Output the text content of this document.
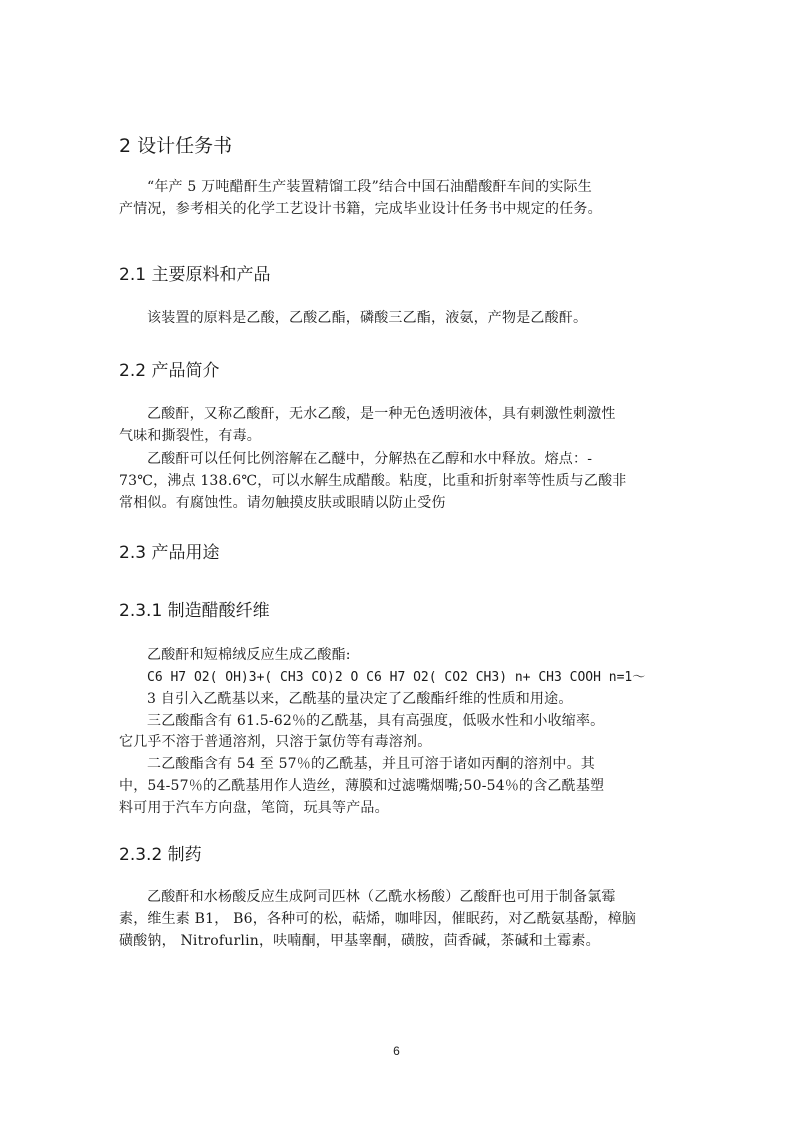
2 设计任务书

“年产 5 万吨醋酐生产装置精馏工段”结合中国石油醋酸酐车间的实际生

产情况，参考相关的化学工艺设计书籍，完成毕业设计任务书中规定的任务。

2.1 主要原料和产品

该装置的原料是乙酸，乙酸乙酯，磷酸三乙酯，液氨，产物是乙酸酐。

2.2 产品简介

乙酸酐，又称乙酸酐，无水乙酸，是一种无色透明液体，具有刺激性刺激性

气味和撕裂性，有毒。

乙酸酐可以任何比例溶解在乙醚中，分解热在乙醇和水中释放。熔点：-

73℃，沸点 138.6℃，可以水解生成醋酸。粘度，比重和折射率等性质与乙酸非

常相似。有腐蚀性。请勿触摸皮肤或眼睛以防止受伤

2.3 产品用途
2.3.1 制造醋酸纤维

乙酸酐和短棉绒反应生成乙酸酯:

C6 H7 O2( OH)3+( CH3 CO)2 O C6 H7 O2( CO2 CH3) n+ CH3 COOH n=1～

3 自引入乙酰基以来，乙酰基的量决定了乙酸酯纤维的性质和用途。

三乙酸酯含有 61.5-62％的乙酰基，具有高强度，低吸水性和小收缩率。

它几乎不溶于普通溶剂，只溶于氯仿等有毒溶剂。

二乙酸酯含有 54 至 57％的乙酰基，并且可溶于诸如丙酮的溶剂中。其

中，54-57％的乙酰基用作人造丝，薄膜和过滤嘴烟嘴;50-54％的含乙酰基塑

料可用于汽车方向盘，笔筒，玩具等产品。

2.3.2 制药

乙酸酐和水杨酸反应生成阿司匹林（乙酰水杨酸）乙酸酐也可用于制备氯霉

素，维生素 B1， B6，各种可的松，萜烯，咖啡因，催眠药，对乙酰氨基酚，樟脑

磺酸钠， Nitrofurlin，呋喃酮，甲基睾酮，磺胺，茴香碱，茶碱和土霉素。

6
